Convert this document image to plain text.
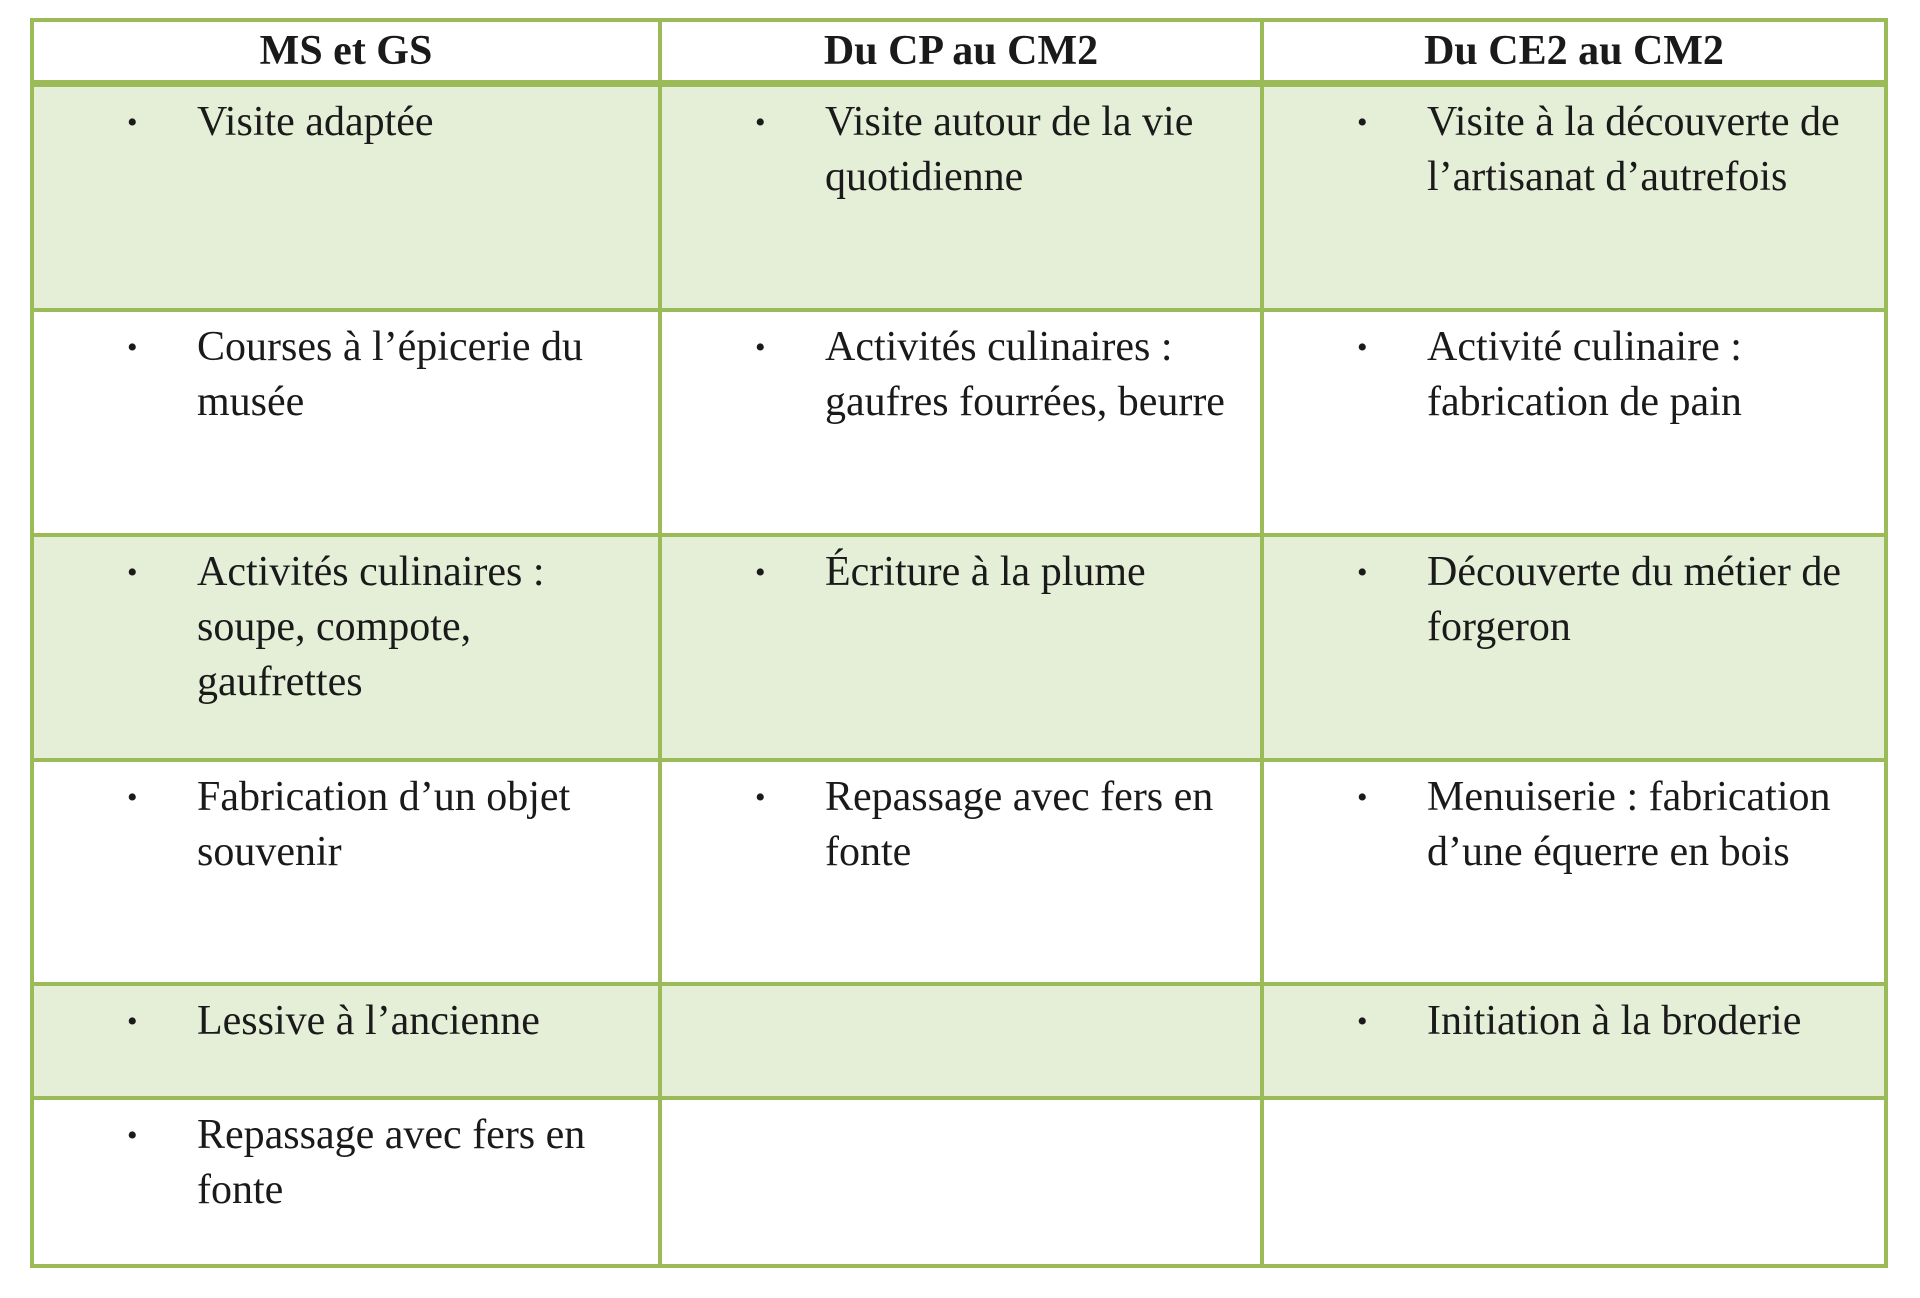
MS et GS	Du CP au CM2	Du CE2 au CM2

• Visite adaptée	• Visite autour de la vie quotidienne	• Visite à la découverte de l’artisanat d’autrefois

• Courses à l’épicerie du musée	• Activités culinaires : gaufres fourrées, beurre	• Activité culinaire : fabrication de pain

• Activités culinaires : soupe, compote, gaufrettes	• Écriture à la plume	• Découverte du métier de forgeron

• Fabrication d’un objet souvenir	• Repassage avec fers en fonte	• Menuiserie : fabrication d’une équerre en bois

• Lessive à l’ancienne		• Initiation à la broderie

• Repassage avec fers en fonte		
